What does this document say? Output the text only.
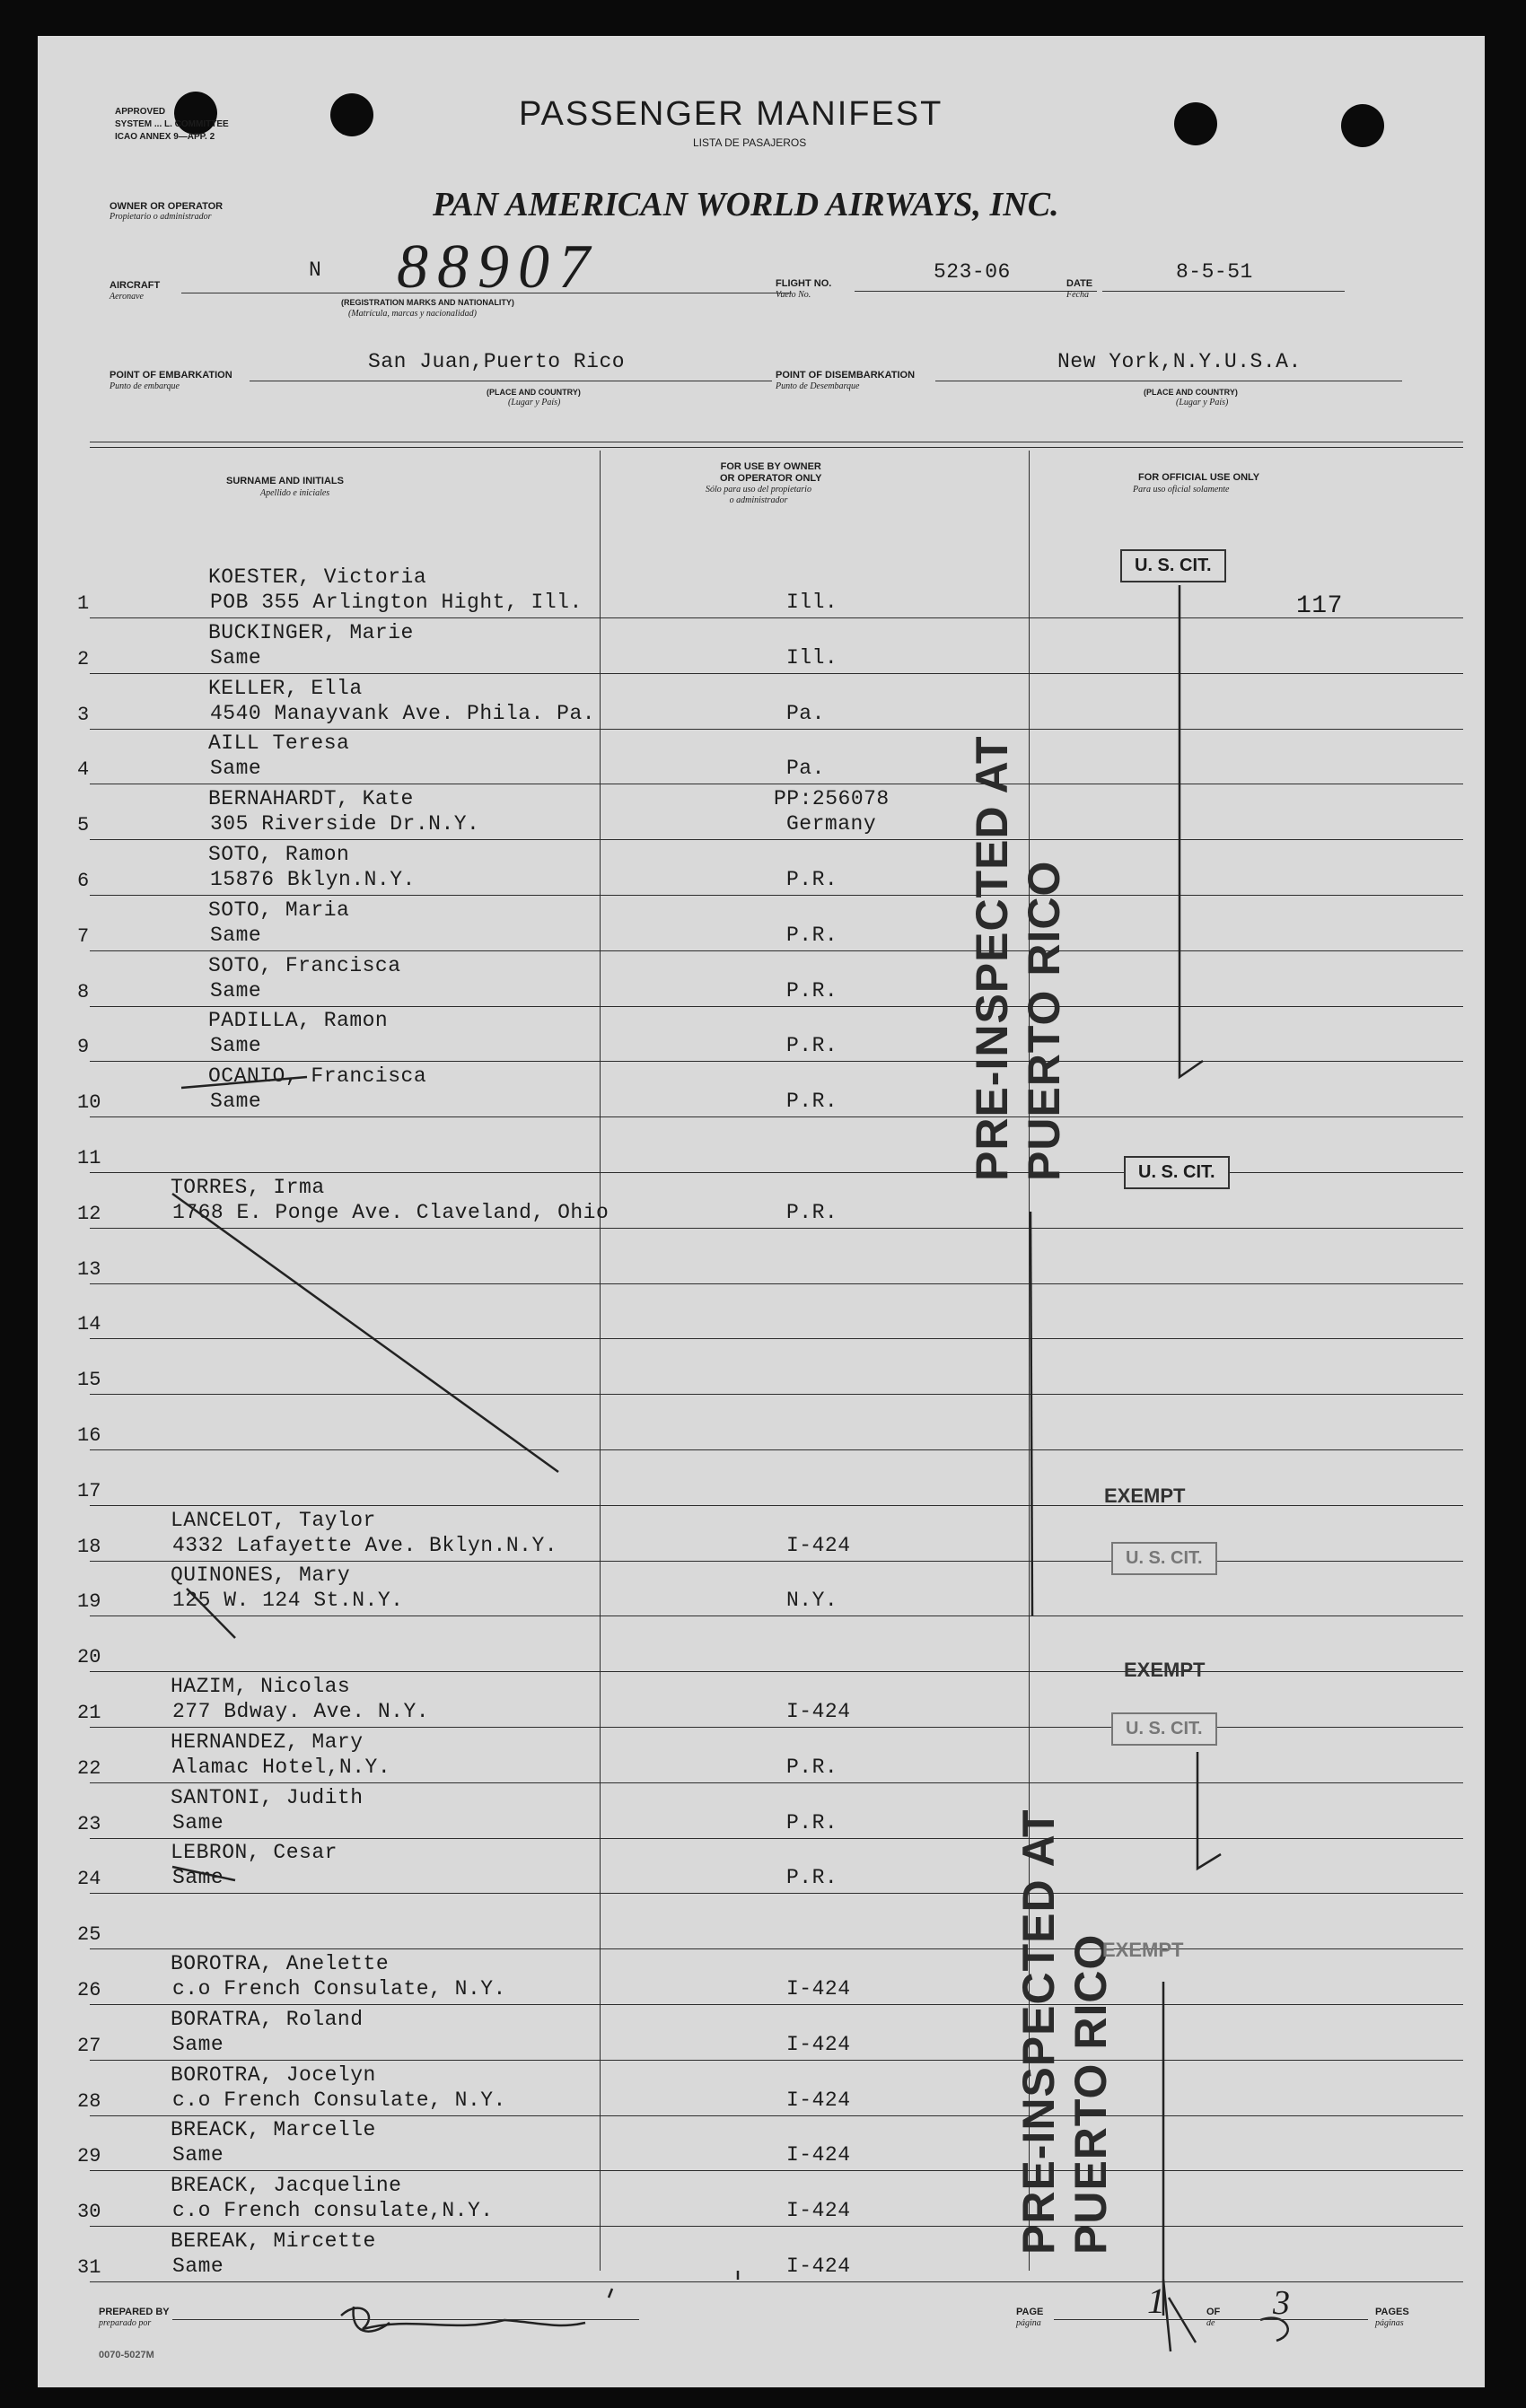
APPROVED
SYSTEM ... L. COMMITTEE
ICAO ANNEX 9—APP. 2
PASSENGER MANIFEST
LISTA DE PASAJEROS
OWNER OR OPERATOR
Propietario o administrador	PAN AMERICAN WORLD AIRWAYS, INC.
AIRCRAFT
Aeronave
N 88907
(REGISTRATION MARKS AND NATIONALITY)
(Matrícula, marcas y nacionalidad)
FLIGHT NO.
Vuelo No.
523-06	DATE
Fecha
8-5-51
POINT OF EMBARKATION
Punto de embarque
San Juan,Puerto Rico
(PLACE AND COUNTRY)
(Lugar y País)
POINT OF DISEMBARKATION
Punto de Desembarque
New York,N.Y.U.S.A.
(PLACE AND COUNTRY)
(Lugar y País)
SURNAME AND INITIALS
Apellido e iniciales
FOR USE BY OWNER
OR OPERATOR ONLY
Sólo para uso del propietario
o administrador
FOR OFFICIAL USE ONLY
Para uso oficial solamente
1
KOESTER, Victoria
POB 355 Arlington Hight, Ill.	Ill.
2
BUCKINGER, Marie
Same	Ill.
3
KELLER, Ella
4540 Manayvank Ave. Phila. Pa.	Pa.
4
AILL Teresa
Same	Pa.
5
BERNAHARDT, Kate
305 Riverside Dr.N.Y.
PP:256078
Germany
6
SOTO, Ramon
15876 Bklyn.N.Y.	P.R.
7
SOTO, Maria
Same	P.R.
8
SOTO, Francisca
Same	P.R.
9
PADILLA, Ramon
Same	P.R.
10
OCANIO, Francisca
Same	P.R.
11
12
TORRES, Irma
1768 E. Ponge Ave. Claveland, Ohio	P.R.
13
14
15
16
17
18
LANCELOT, Taylor
4332 Lafayette Ave. Bklyn.N.Y.	I-424
19
QUINONES, Mary
125 W. 124 St.N.Y.	N.Y.
20
21
HAZIM, Nicolas
277 Bdway. Ave. N.Y.	I-424
22
HERNANDEZ, Mary
Alamac Hotel,N.Y.	P.R.
23
SANTONI, Judith
Same	P.R.
24
LEBRON, Cesar
Same	P.R.
25
26
BOROTRA, Anelette
c.o French Consulate, N.Y.	I-424
27
BORATRA, Roland
Same	I-424
28
BOROTRA, Jocelyn
c.o French Consulate, N.Y.	I-424
29
BREACK, Marcelle
Same	I-424
30
BREACK, Jacqueline
c.o French consulate,N.Y.	I-424
31
BEREAK, Mircette
Same	I-424
PRE-INSPECTED AT PUERTO RICO
PRE-INSPECTED AT PUERTO RICO
U. S. CIT.
U. S. CIT.
U. S. CIT.
U. S. CIT.
EXEMPT
EXEMPT
EXEMPT
117
PREPARED BY
preparado por
0070-5027M
PAGE
página
1	OF
de
3	PAGES
páginas
